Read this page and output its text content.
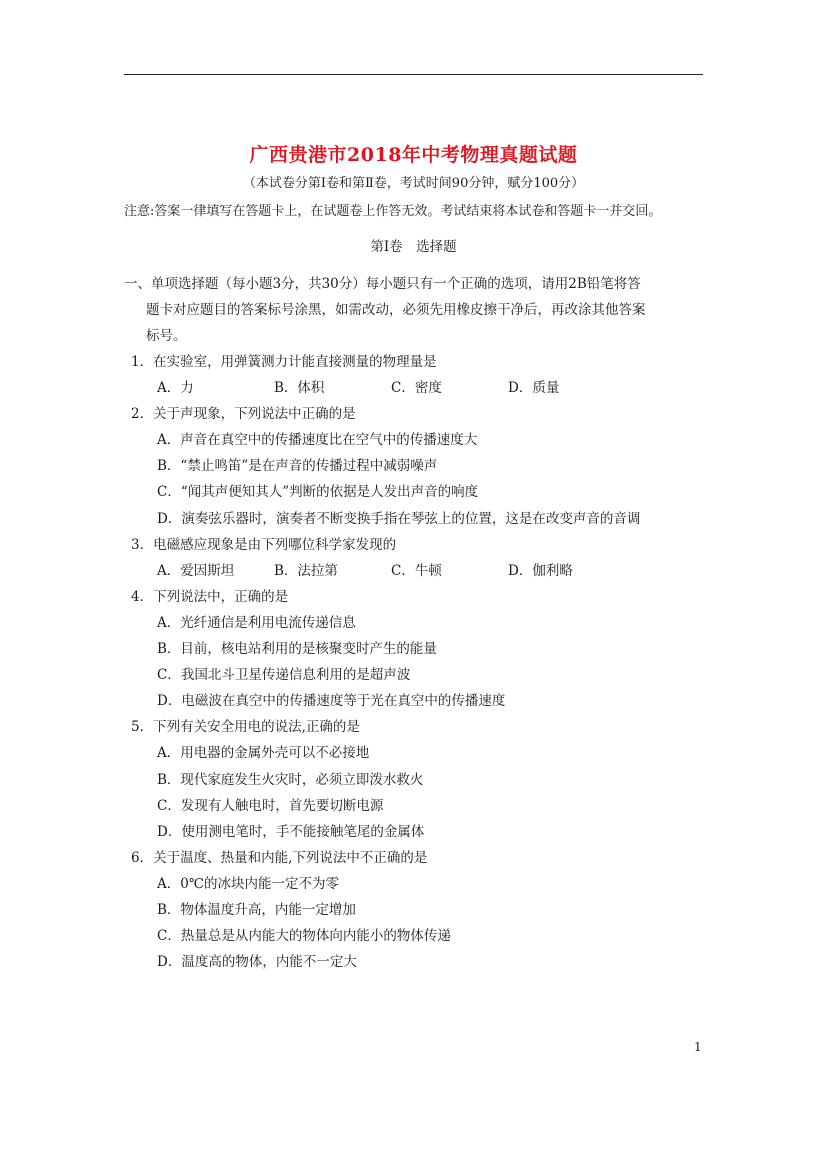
广西贵港市2018年中考物理真题试题
（本试卷分第Ⅰ卷和第Ⅱ卷，考试时间90分钟，赋分100分）
注意:答案一律填写在答题卡上，在试题卷上作答无效。考试结束将本试卷和答题卡一并交回。
第Ⅰ卷　选择题
一、单项选择题（每小题3分，共30分）每小题只有一个正确的选项，请用2B铅笔将答
题卡对应题目的答案标号涂黑，如需改动，必须先用橡皮擦干净后，再改涂其他答案
标号。
1．在实验室，用弹簧测力计能直接测量的物理量是
A．力	B．体积	C．密度	D．质量
2．关于声现象，下列说法中正确的是
A．声音在真空中的传播速度比在空气中的传播速度大
B．“禁止鸣笛”是在声音的传播过程中减弱噪声
C．“闻其声便知其人”判断的依据是人发出声音的响度
D．演奏弦乐器时，演奏者不断变换手指在琴弦上的位置，这是在改变声音的音调
3．电磁感应现象是由下列哪位科学家发现的
A．爱因斯坦	B．法拉第	C．牛顿	D．伽利略
4．下列说法中，正确的是
A．光纤通信是利用电流传递信息
B．目前，核电站利用的是核聚变时产生的能量
C．我国北斗卫星传递信息利用的是超声波
D．电磁波在真空中的传播速度等于光在真空中的传播速度
5．下列有关安全用电的说法,正确的是
A．用电器的金属外壳可以不必接地
B．现代家庭发生火灾时，必须立即泼水救火
C．发现有人触电时，首先要切断电源
D．使用测电笔时，手不能接触笔尾的金属体
6．关于温度、热量和内能,下列说法中不正确的是
A．0℃的冰块内能一定不为零
B．物体温度升高，内能一定增加
C．热量总是从内能大的物体向内能小的物体传递
D．温度高的物体，内能不一定大
1
